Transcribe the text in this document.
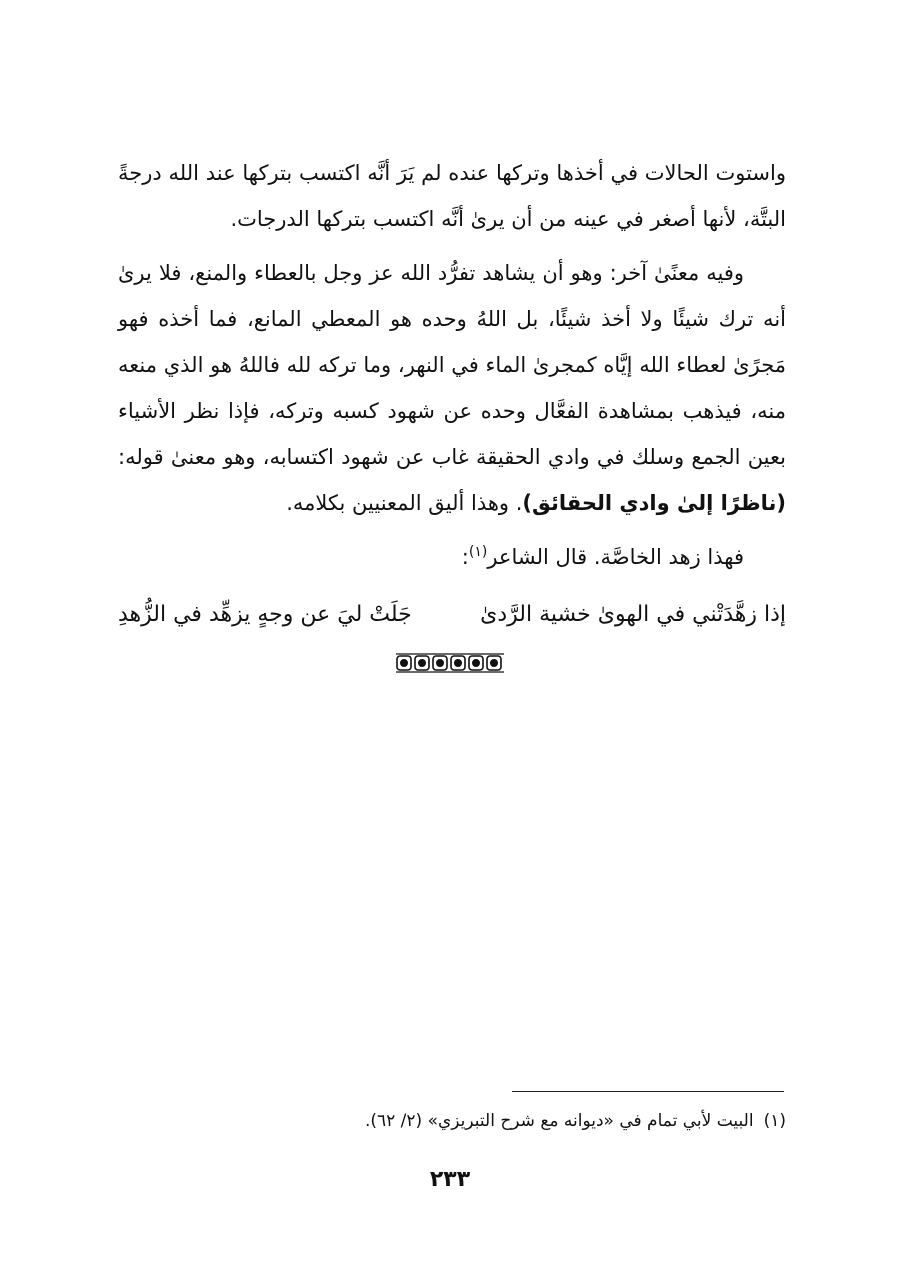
واستوت الحالات في أخذها وتركها عنده لم يَرَ أنَّه اكتسب بتركها عند الله درجةً البتَّة، لأنها أصغر في عينه من أن يرىٰ أنَّه اكتسب بتركها الدرجات.

وفيه معنًىٰ آخر: وهو أن يشاهد تفرُّد الله عز وجل بالعطاء والمنع، فلا يرىٰ أنه ترك شيئًا ولا أخذ شيئًا، بل اللهُ وحده هو المعطي المانع، فما أخذه فهو مَجرًىٰ لعطاء الله إيَّاه كمجرىٰ الماء في النهر، وما تركه لله فاللهُ هو الذي منعه منه، فيذهب بمشاهدة الفعَّال وحده عن شهود كسبه وتركه، فإذا نظر الأشياء بعين الجمع وسلك في وادي الحقيقة غاب عن شهود اكتسابه، وهو معنىٰ قوله: (ناظرًا إلىٰ وادي الحقائق). وهذا أليق المعنيين بكلامه.

فهذا زهد الخاصَّة. قال الشاعر$^{(١)}$:

إذا زهَّدَتْني في الهوىٰ خشية الرَّدىٰ
جَلَتْ ليَ عن وجهٍ يزهِّد في الزُّهدِ
(١)البيت لأبي تمام في «ديوانه مع شرح التبريزي» (٢/ ٦٢).
٢٣٣
